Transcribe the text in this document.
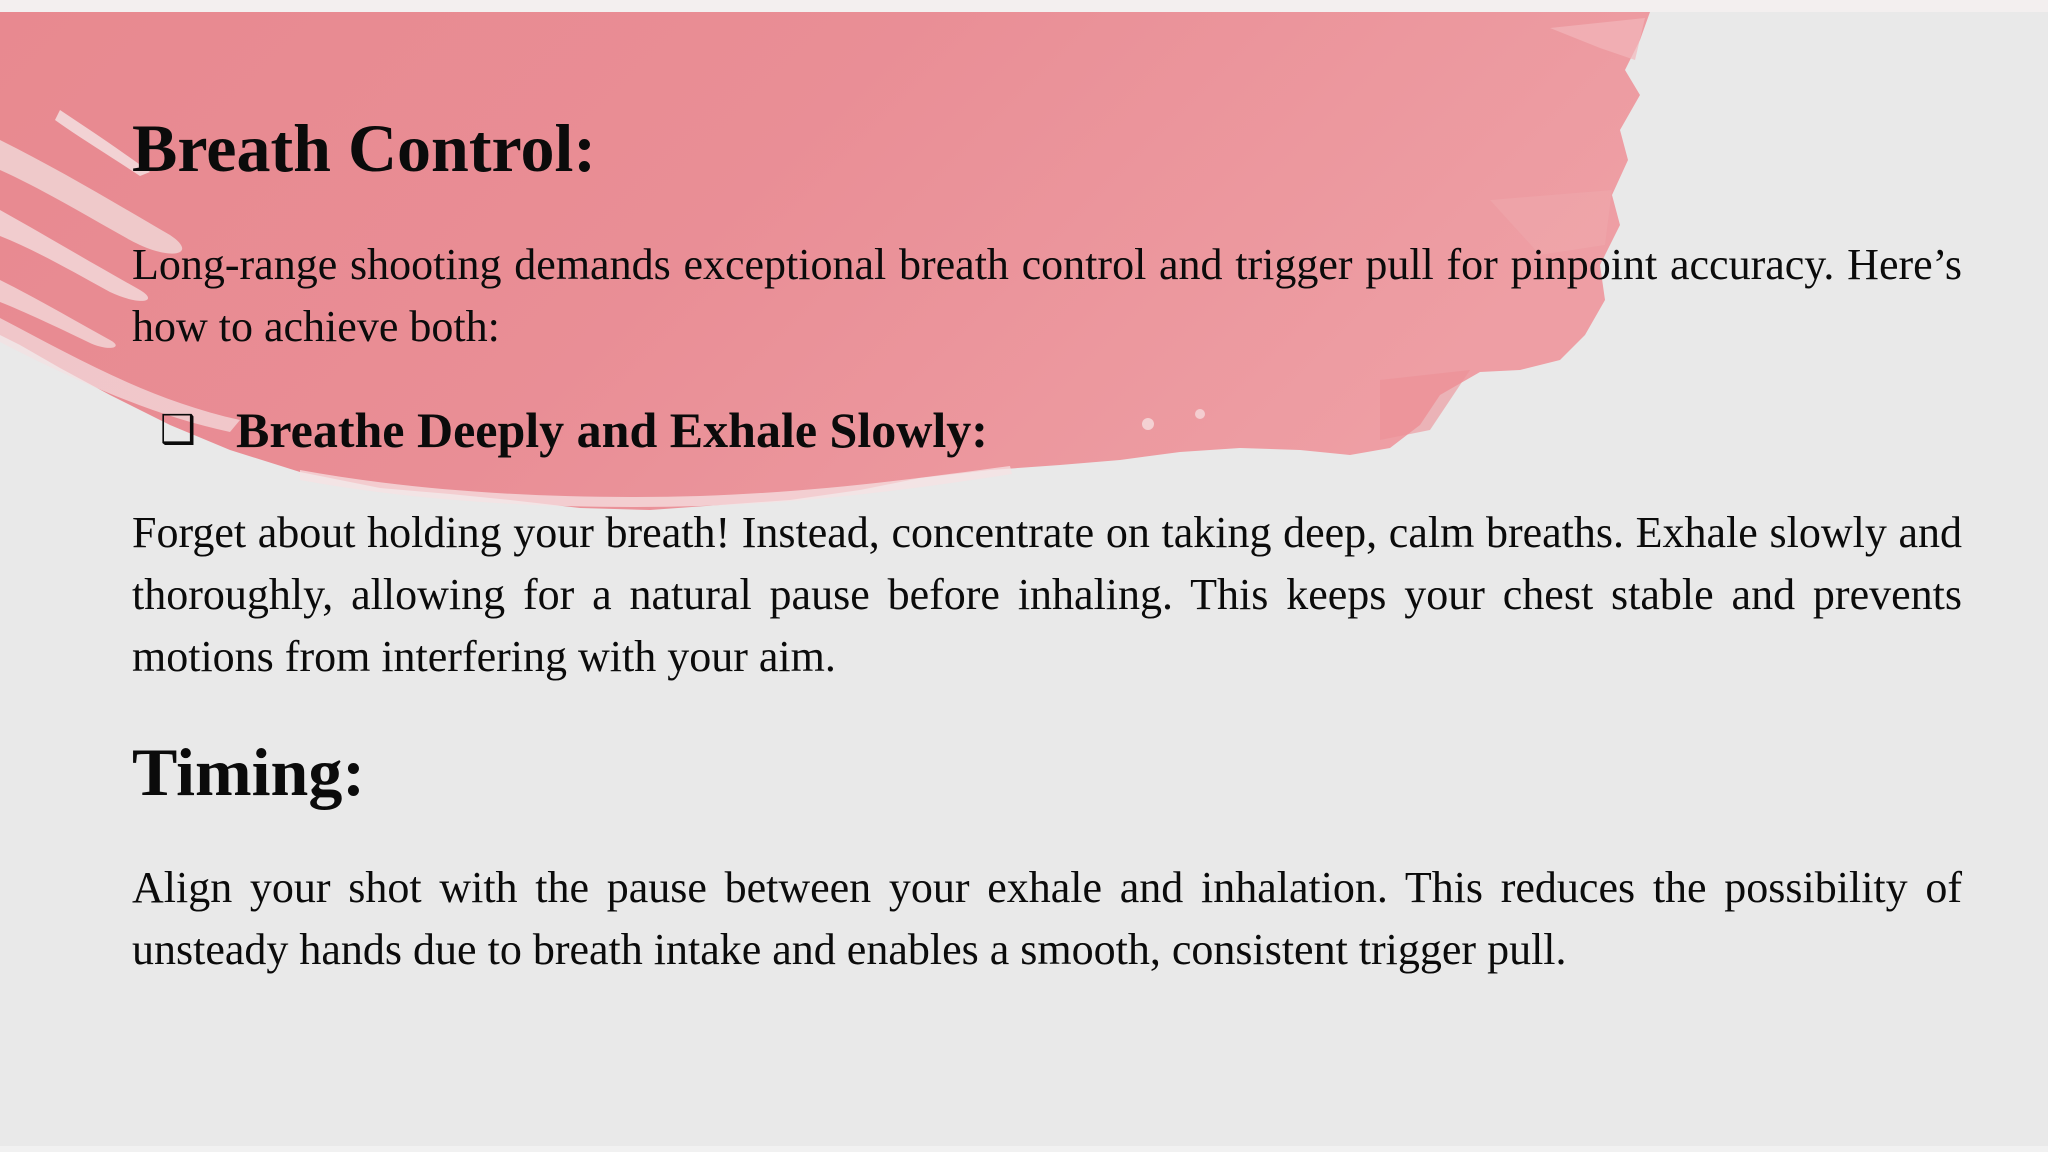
Breath Control:

Long-range shooting demands exceptional breath control and trigger pull for pinpoint accuracy. Here’s how to achieve both:

❑ Breathe Deeply and Exhale Slowly:

Forget about holding your breath! Instead, concentrate on taking deep, calm breaths. Exhale slowly and thoroughly, allowing for a natural pause before inhaling. This keeps your chest stable and prevents motions from interfering with your aim.

Timing:

Align your shot with the pause between your exhale and inhalation. This reduces the possibility of unsteady hands due to breath intake and enables a smooth, consistent trigger pull.
